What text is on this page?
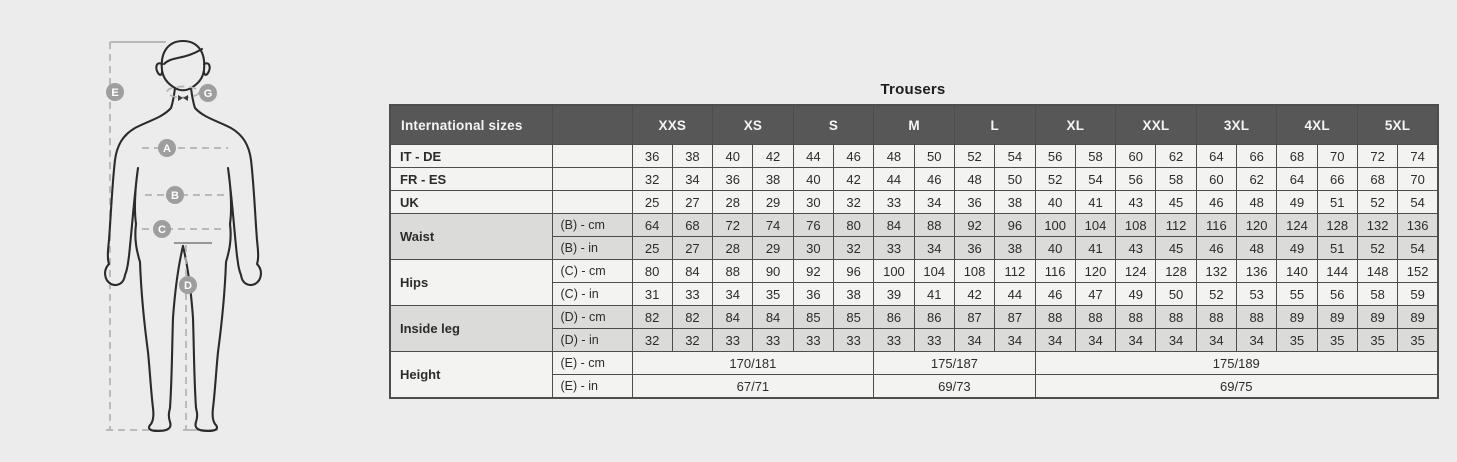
E	G
A
B
C
D
Trousers
International sizes		XXS		XS		S		M		L		XL		XXL		3XL		4XL		5XL	
IT - DE		36	38	40	42	44	46	48	50	52	54	56	58	60	62	64	66	68	70	72	74
FR - ES		32	34	36	38	40	42	44	46	48	50	52	54	56	58	60	62	64	66	68	70
UK		25	27	28	29	30	32	33	34	36	38	40	41	43	45	46	48	49	51	52	54
Waist	(B) - cm	64	68	72	74	76	80	84	88	92	96	100	104	108	112	116	120	124	128	132	136
	(B) - in	25	27	28	29	30	32	33	34	36	38	40	41	43	45	46	48	49	51	52	54
Hips	(C) - cm	80	84	88	90	92	96	100	104	108	112	116	120	124	128	132	136	140	144	148	152
	(C) - in	31	33	34	35	36	38	39	41	42	44	46	47	49	50	52	53	55	56	58	59
Inside leg	(D) - cm	82	82	84	84	85	85	86	86	87	87	88	88	88	88	88	88	89	89	89	89
	(D) - in	32	32	33	33	33	33	33	33	34	34	34	34	34	34	34	34	35	35	35	35
Height	(E) - cm	170/181						175/187				175/189									
	(E) - in	67/71						69/73				69/75									
